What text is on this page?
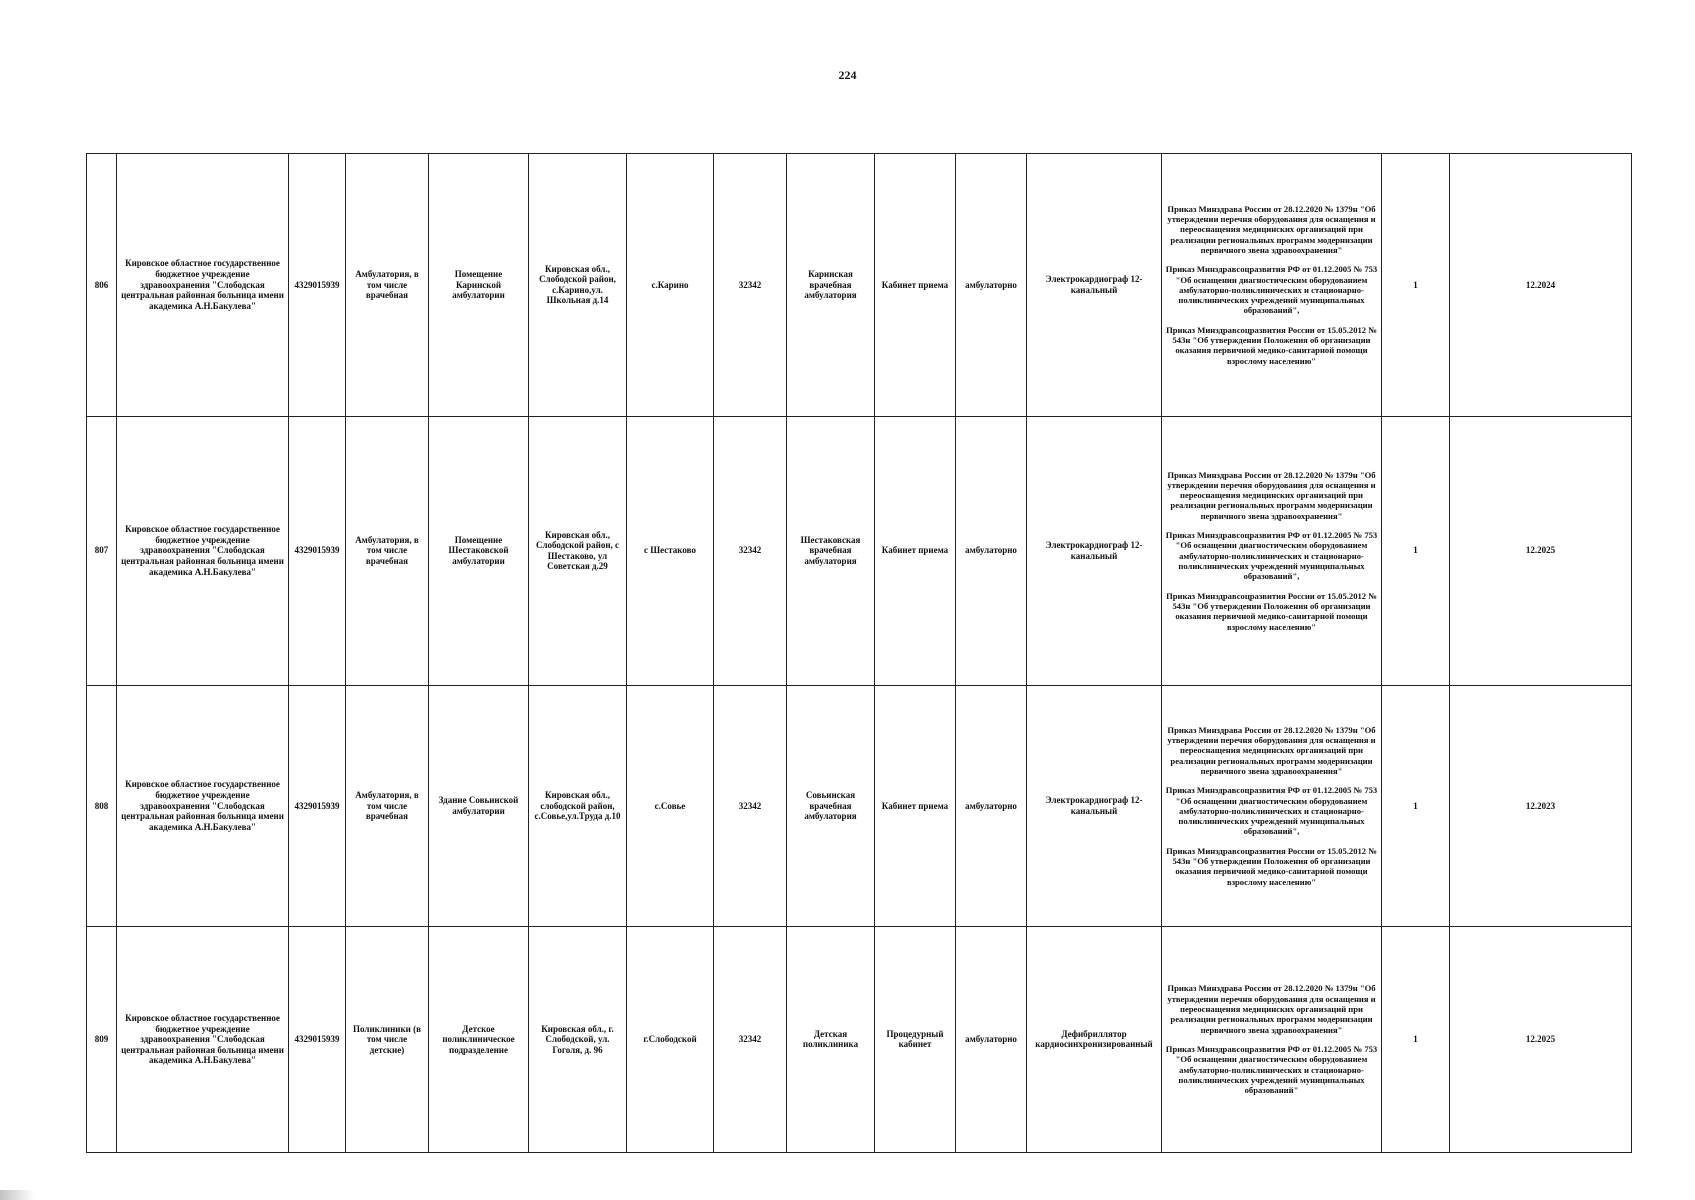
224
806	Кировское областное государственное бюджетное учреждение здравоохранения "Слободская центральная районная больница имени академика А.Н.Бакулева"	4329015939	Амбулатория, в том числе врачебная	Помещение Каринской амбулатории	Кировская обл., Слободской район, с.Карино,ул. Школьная д.14	с.Карино	32342	Каринская врачебная амбулатория	Кабинет приема	амбулаторно	Электрокардиограф 12-канальный	Приказ Минздрава России от 28.12.2020 № 1379н "Об утверждении перечня оборудования для оснащения и переоснащения медицинских организаций при реализации региональных программ модернизации первичного звена здравоохранения"
Приказ Минздравсоцразвития РФ от 01.12.2005 № 753 "Об оснащении диагностическим оборудованием амбулаторно-поликлинических и стационарно-поликлинических учреждений муниципальных образований",
Приказ Минздравсоцразвития России от 15.05.2012 № 543н "Об утверждении Положения об организации оказания первичной медико-санитарной помощи взрослому населению"	1	12.2024
807	Кировское областное государственное бюджетное учреждение здравоохранения "Слободская центральная районная больница имени академика А.Н.Бакулева"	4329015939	Амбулатория, в том числе врачебная	Помещение Шестаковской амбулатории	Кировская обл., Слободской район, с Шестаково, ул Советская д.29	с Шестаково	32342	Шестаковская врачебная амбулатория	Кабинет приема	амбулаторно	Электрокардиограф 12-канальный	Приказ Минздрава России от 28.12.2020 № 1379н "Об утверждении перечня оборудования для оснащения и переоснащения медицинских организаций при реализации региональных программ модернизации первичного звена здравоохранения"
Приказ Минздравсоцразвития РФ от 01.12.2005 № 753 "Об оснащении диагностическим оборудованием амбулаторно-поликлинических и стационарно-поликлинических учреждений муниципальных образований",
Приказ Минздравсоцразвития России от 15.05.2012 № 543н "Об утверждении Положения об организации оказания первичной медико-санитарной помощи взрослому населению"	1	12.2025
808	Кировское областное государственное бюджетное учреждение здравоохранения "Слободская центральная районная больница имени академика А.Н.Бакулева"	4329015939	Амбулатория, в том числе врачебная	Здание Совьинской амбулатории	Кировская обл., слободской район, с.Совье,ул.Труда д.10	с.Совье	32342	Совьинская врачебная амбулатория	Кабинет приема	амбулаторно	Электрокардиограф 12-канальный	Приказ Минздрава России от 28.12.2020 № 1379н "Об утверждении перечня оборудования для оснащения и переоснащения медицинских организаций при реализации региональных программ модернизации первичного звена здравоохранения"
Приказ Минздравсоцразвития РФ от 01.12.2005 № 753 "Об оснащении диагностическим оборудованием амбулаторно-поликлинических и стационарно-поликлинических учреждений муниципальных образований",
Приказ Минздравсоцразвития России от 15.05.2012 № 543н "Об утверждении Положения об организации оказания первичной медико-санитарной помощи взрослому населению"	1	12.2023
809	Кировское областное государственное бюджетное учреждение здравоохранения "Слободская центральная районная больница имени академика А.Н.Бакулева"	4329015939	Поликлиники (в том числе детские)	Детское поликлиническое подразделение	Кировская обл., г. Слободской, ул. Гоголя, д. 96	г.Слободской	32342	Детская поликлиника	Процедурный кабинет	амбулаторно	Дефибриллятор кардиосинхронизированный	Приказ Минздрава России от 28.12.2020 № 1379н "Об утверждении перечня оборудования для оснащения и переоснащения медицинских организаций при реализации региональных программ модернизации первичного звена здравоохранения"
Приказ Минздравсоцразвития РФ от 01.12.2005 № 753 "Об оснащении диагностическим оборудованием амбулаторно-поликлинических и стационарно-поликлинических учреждений муниципальных образований"	1	12.2025
